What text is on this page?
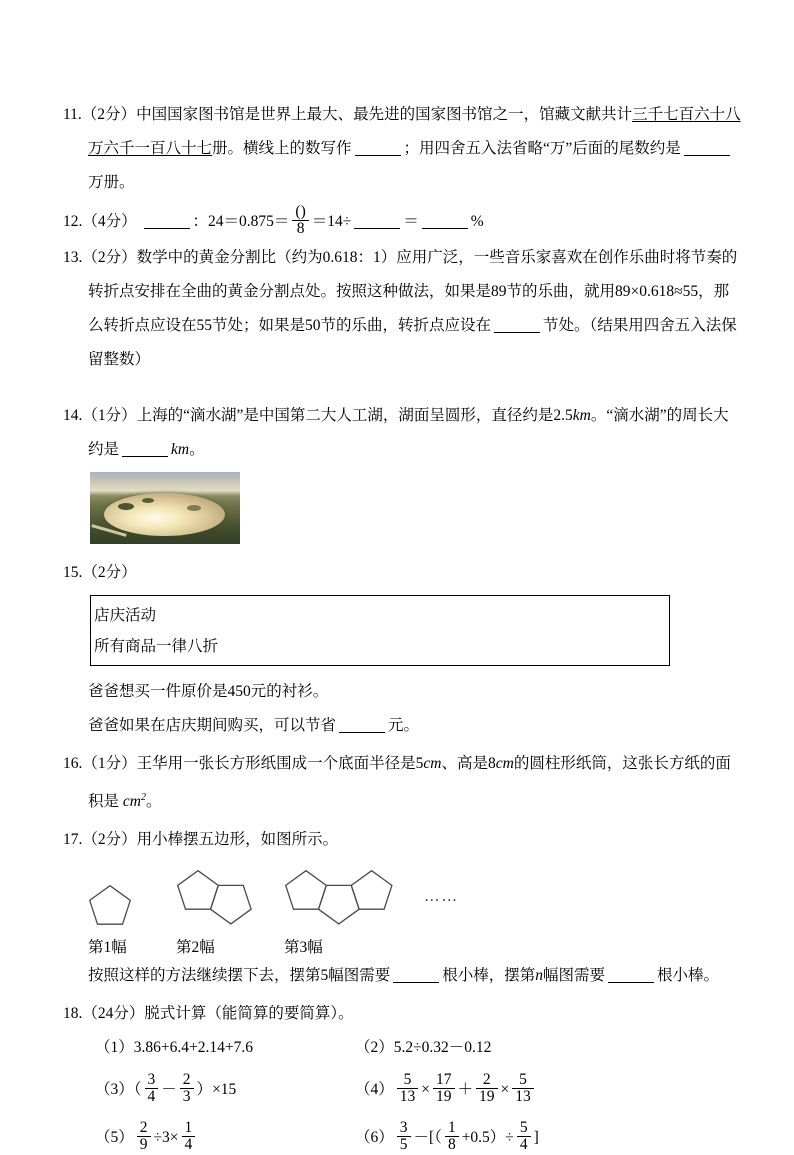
11.（2分）中国国家图书馆是世界上最大、最先进的国家图书馆之一，馆藏文献共计三千七百六十八万六千一百八十七册。横线上的数写作	；用四舍五入法省略“万”后面的尾数约是万册。

12.（4分）	：$24=0.875= \frac{()}{8} =14\div$	＝	%

13.（2分）数学中的黄金分割比（约为0.618：1）应用广泛，一些音乐家喜欢在创作乐曲时将节奏的转折点安排在全曲的黄金分割点处。按照这种做法，如果是89节的乐曲，就用89×0.618≈55，那么转折点应设在55节处；如果是50节的乐曲，转折点应设在	节处。（结果用四舍五入法保留整数）

14.（1分）上海的“滴水湖”是中国第二大人工湖，湖面呈圆形，直径约是2.5km。“滴水湖”的周长大约是	km。

15.（2分）

店庆活动
所有商品一律八折

爸爸想买一件原价是450元的衬衫。

爸爸如果在店庆期间购买，可以节省	元。

16.（1分）王华用一张长方形纸围成一个底面半径是5cm、高是8cm的圆柱形纸筒，这张长方纸的面积是 $cm^2$。

17.（2分）用小棒摆五边形，如图所示。

第1幅	第2幅	第3幅
……

按照这样的方法继续摆下去，摆第5幅图需要	根小棒，摆第n幅图需要	根小棒。

18.（24分）脱式计算（能简算的要简算）。

（1）3.86+6.4+2.14+7.6	（2）5.2÷0.32－0.12
$(3)( \frac{3}{4} - \frac{2}{3} )\times 15$	$(4) \frac{5}{13} \times \frac{17}{19} + \frac{2}{19} \times \frac{5}{13}$
$(5) \frac{2}{9} \div 3\times \frac{1}{4}$	$(6) \frac{3}{5}$ －[（ $\frac{1}{8} +0.5)\div \frac{5}{4}$ ]
